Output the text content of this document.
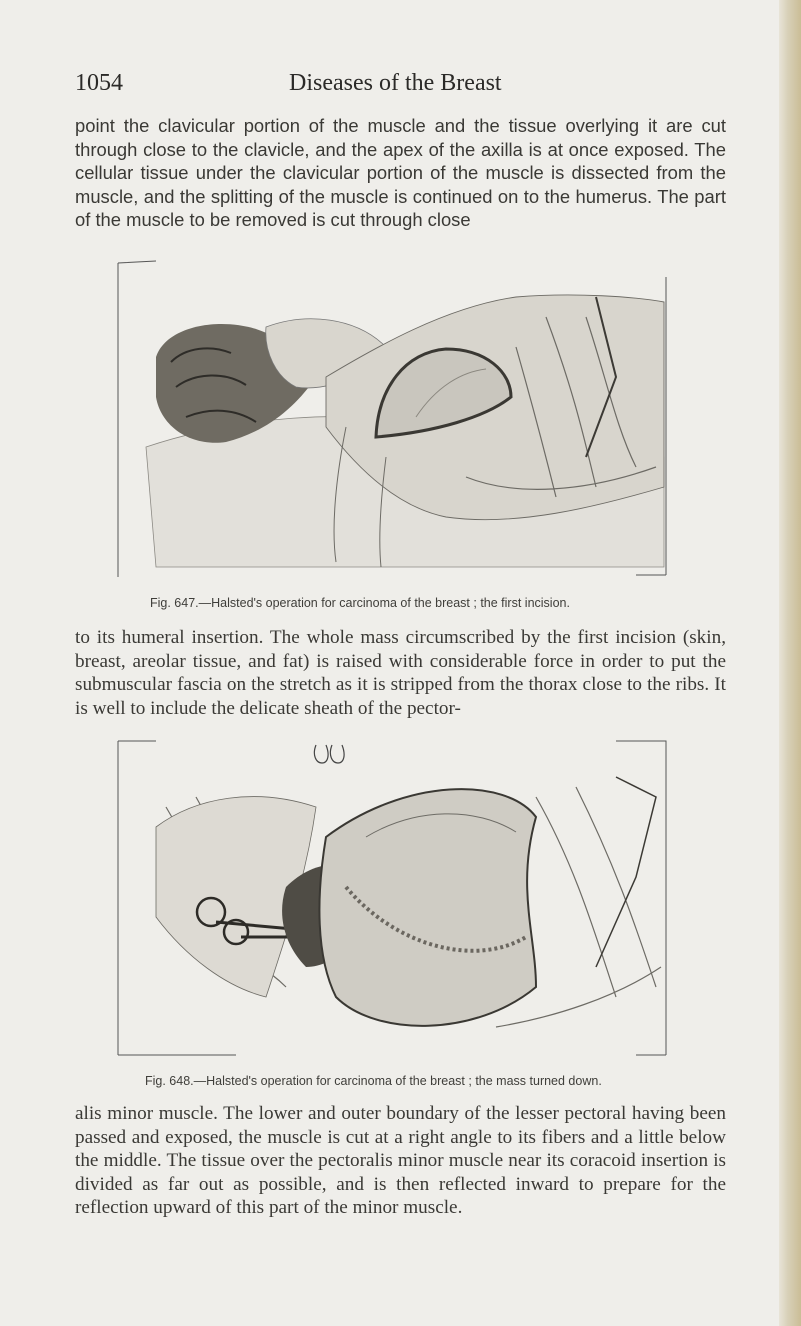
1054	Diseases of the Breast

point the clavicular portion of the muscle and the tissue overlying it are cut through close to the clavicle, and the apex of the axilla is at once exposed. The cellular tissue under the clavicular portion of the muscle is dissected from the muscle, and the splitting of the muscle is continued on to the humerus. The part of the muscle to be removed is cut through close

Fig. 647.—Halsted's operation for carcinoma of the breast ; the first incision.

to its humeral insertion. The whole mass circumscribed by the first incision (skin, breast, areolar tissue, and fat) is raised with considerable force in order to put the submuscular fascia on the stretch as it is stripped from the thorax close to the ribs. It is well to include the delicate sheath of the pector-

Fig. 648.—Halsted's operation for carcinoma of the breast ; the mass turned down.

alis minor muscle. The lower and outer boundary of the lesser pectoral having been passed and exposed, the muscle is cut at a right angle to its fibers and a little below the middle. The tissue over the pectoralis minor muscle near its coracoid insertion is divided as far out as possible, and is then reflected inward to prepare for the reflection upward of this part of the minor muscle.
